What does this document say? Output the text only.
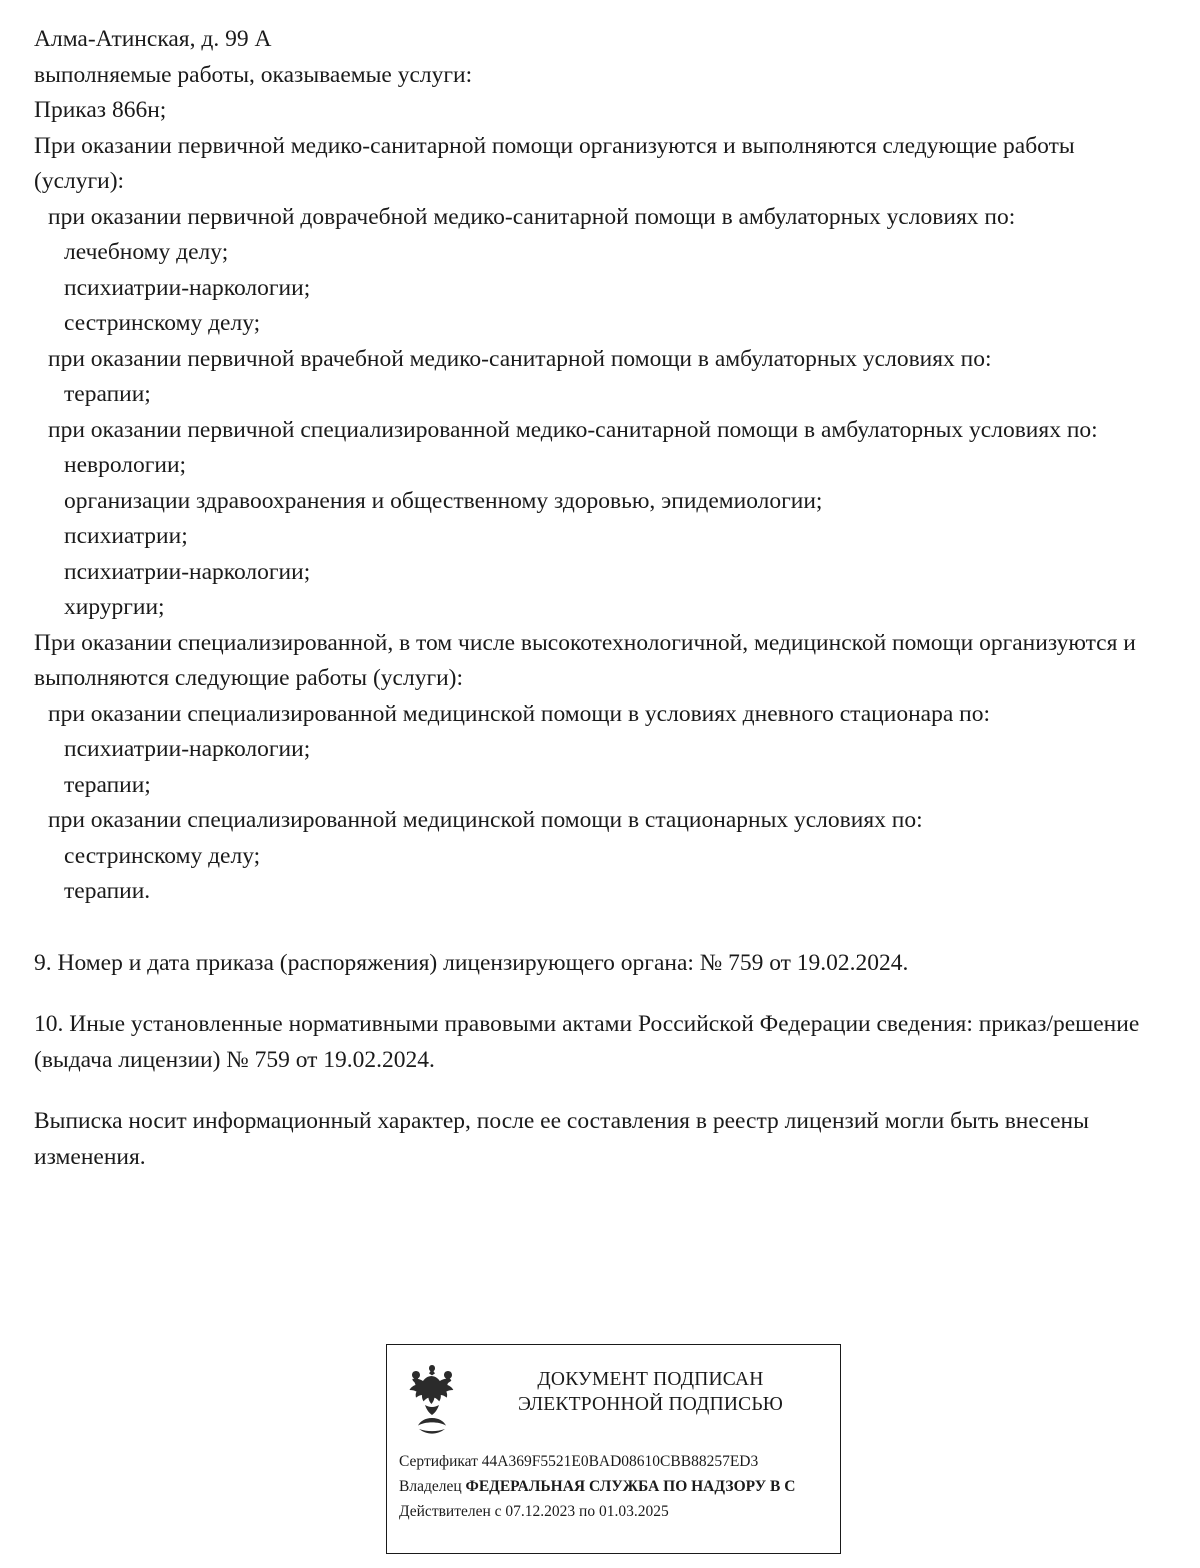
Алма-Атинская, д. 99 А
выполняемые работы, оказываемые услуги:
Приказ 866н;
При оказании первичной медико-санитарной помощи организуются и выполняются следующие работы (услуги):
при оказании первичной доврачебной медико-санитарной помощи в амбулаторных условиях по:
лечебному делу;
психиатрии-наркологии;
сестринскому делу;
при оказании первичной врачебной медико-санитарной помощи в амбулаторных условиях по:
терапии;
при оказании первичной специализированной медико-санитарной помощи в амбулаторных условиях по:
неврологии;
организации здравоохранения и общественному здоровью, эпидемиологии;
психиатрии;
психиатрии-наркологии;
хирургии;
При оказании специализированной, в том числе высокотехнологичной, медицинской помощи организуются и выполняются следующие работы (услуги):
при оказании специализированной медицинской помощи в условиях дневного стационара по:
психиатрии-наркологии;
терапии;
при оказании специализированной медицинской помощи в стационарных условиях по:
сестринскому делу;
терапии.
9. Номер и дата приказа (распоряжения) лицензирующего органа: № 759 от 19.02.2024.
10. Иные установленные нормативными правовыми актами Российской Федерации сведения: приказ/решение (выдача лицензии) № 759 от 19.02.2024.
Выписка носит информационный характер, после ее составления в реестр лицензий могли быть внесены изменения.
ДОКУМЕНТ ПОДПИСАН
ЭЛЕКТРОННОЙ ПОДПИСЬЮ
Сертификат 44A369F5521E0BAD08610CBB88257ED3
Владелец ФЕДЕРАЛЬНАЯ СЛУЖБА ПО НАДЗОРУ В С
Действителен с 07.12.2023 по 01.03.2025
